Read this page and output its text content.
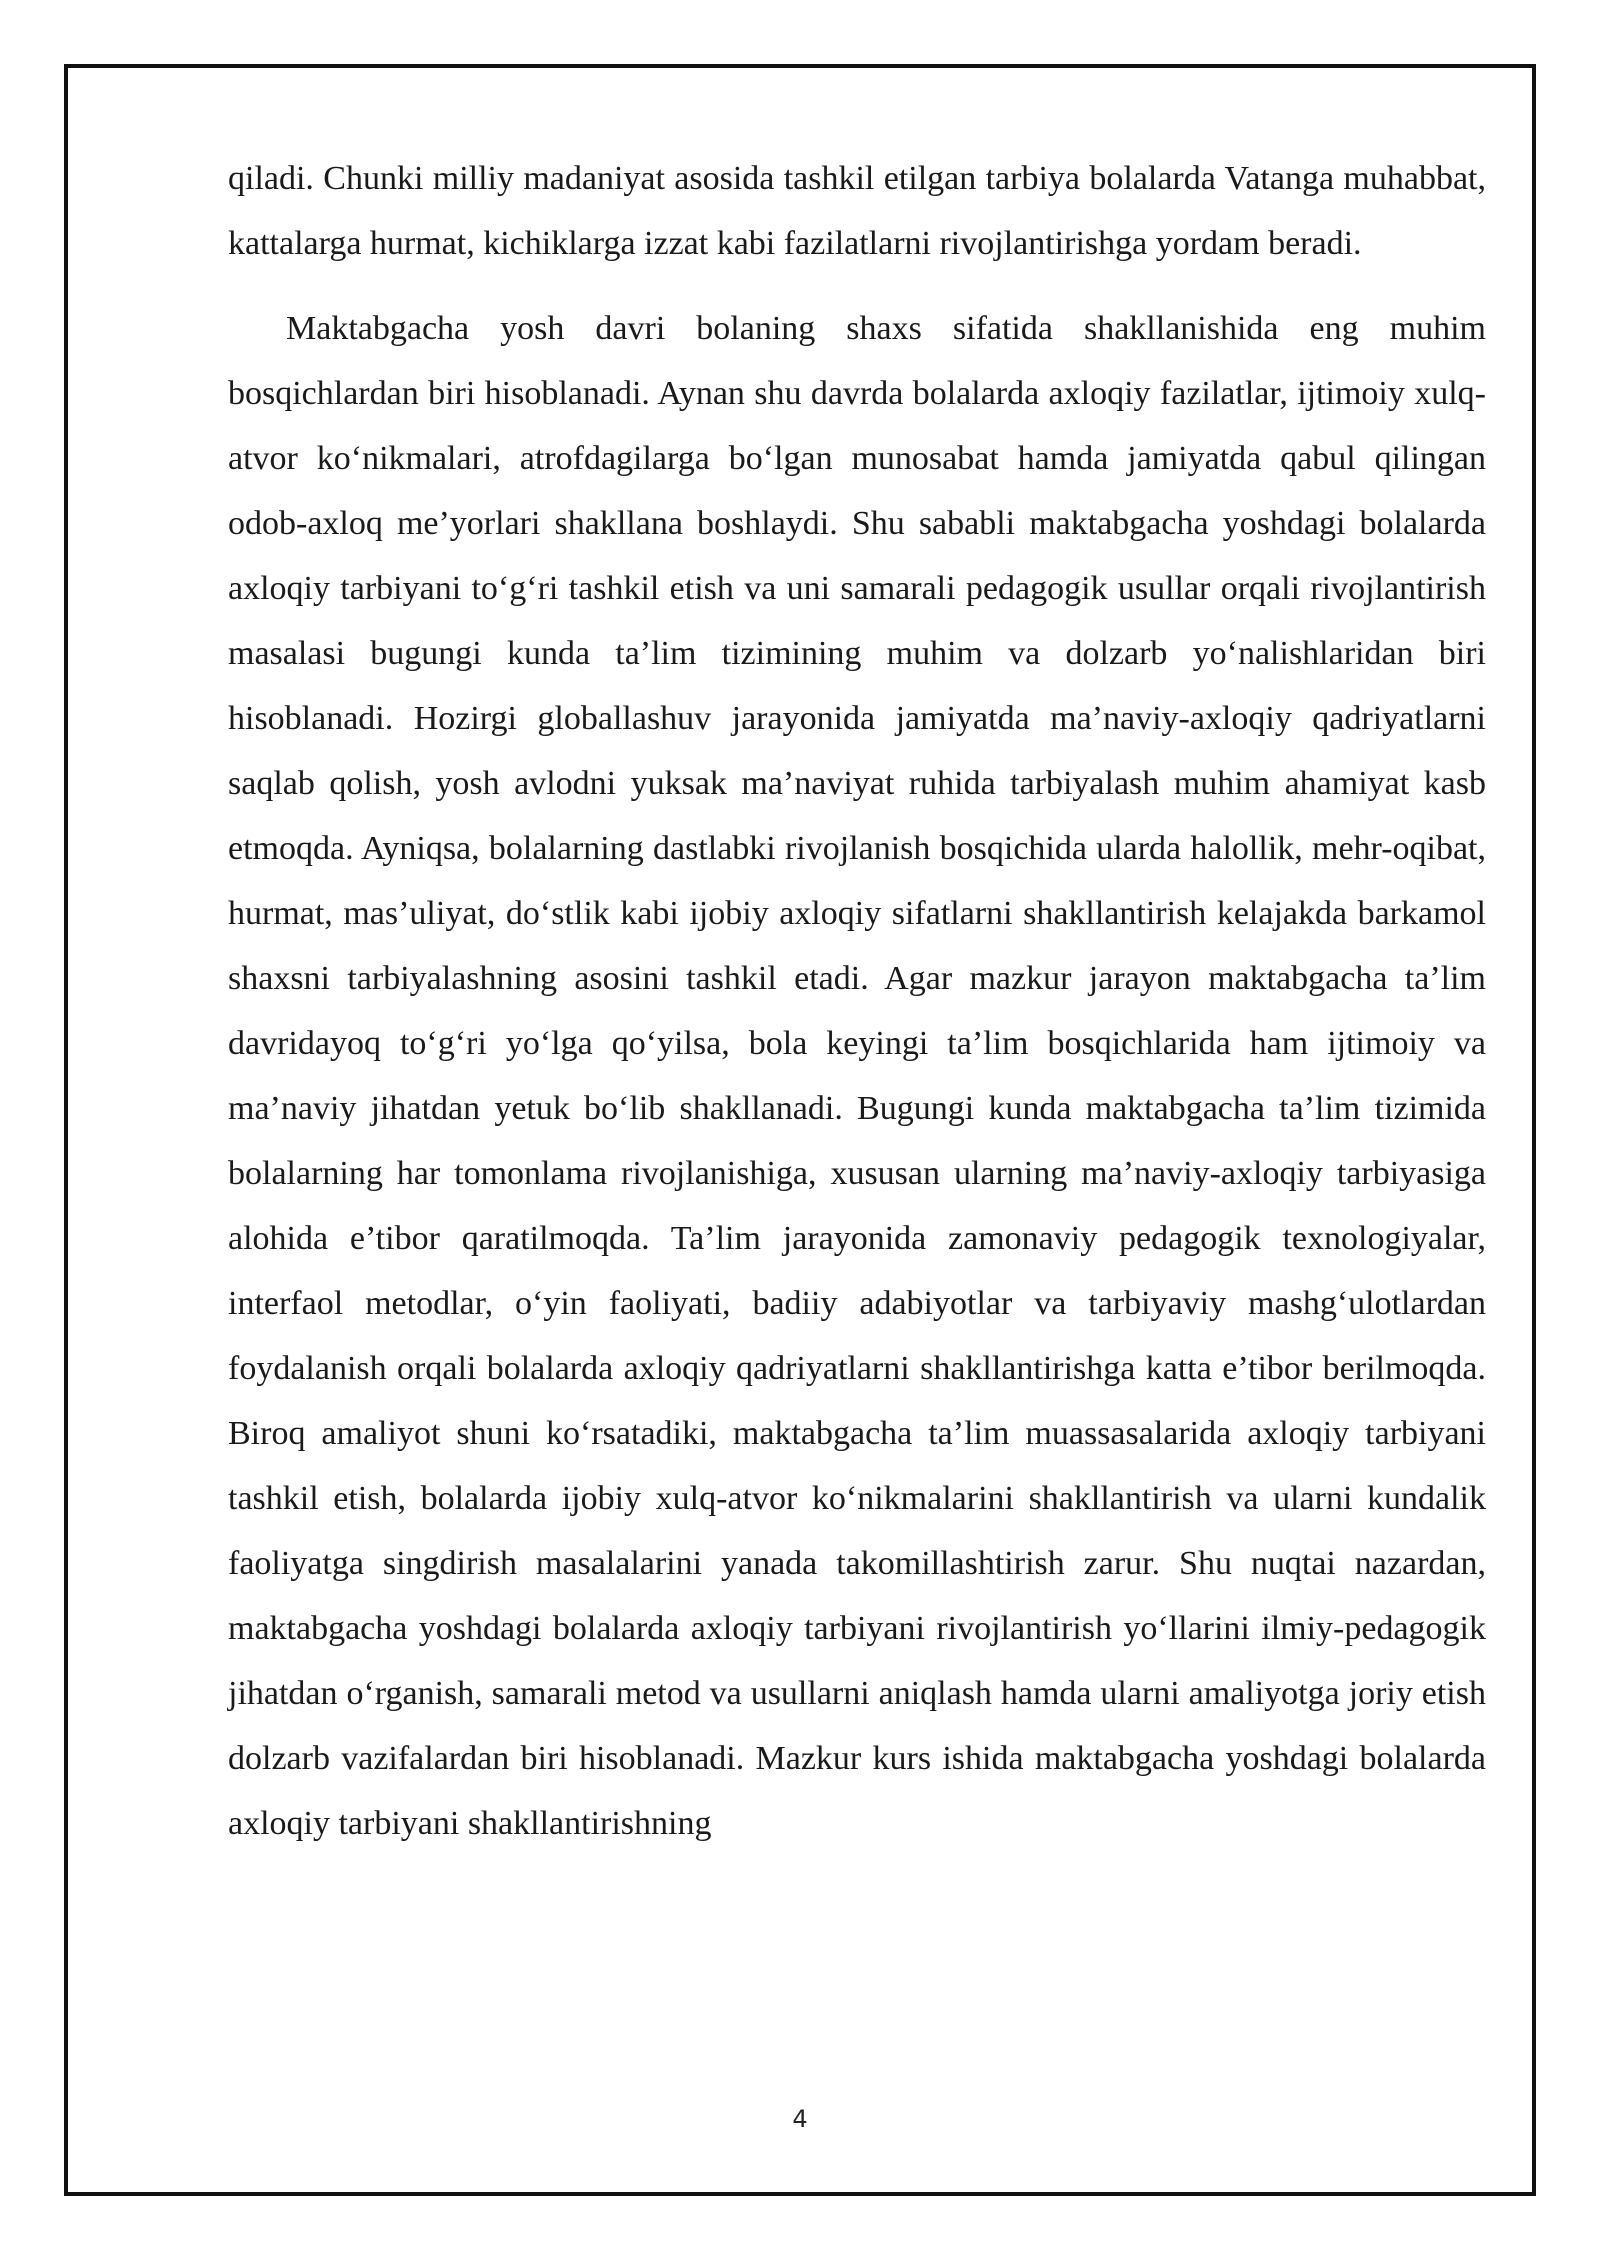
qiladi. Chunki milliy madaniyat asosida tashkil etilgan tarbiya bolalarda Vatanga muhabbat, kattalarga hurmat, kichiklarga izzat kabi fazilatlarni rivojlantirishga yordam beradi.

Maktabgacha yosh davri bolaning shaxs sifatida shakllanishida eng muhim bosqichlardan biri hisoblanadi. Aynan shu davrda bolalarda axloqiy fazilatlar, ijtimoiy xulq-atvor ko‘nikmalari, atrofdagilarga bo‘lgan munosabat hamda jamiyatda qabul qilingan odob-axloq me’yorlari shakllana boshlaydi. Shu sababli maktabgacha yoshdagi bolalarda axloqiy tarbiyani to‘g‘ri tashkil etish va uni samarali pedagogik usullar orqali rivojlantirish masalasi bugungi kunda ta’lim tizimining muhim va dolzarb yo‘nalishlaridan biri hisoblanadi. Hozirgi globallashuv jarayonida jamiyatda ma’naviy-axloqiy qadriyatlarni saqlab qolish, yosh avlodni yuksak ma’naviyat ruhida tarbiyalash muhim ahamiyat kasb etmoqda. Ayniqsa, bolalarning dastlabki rivojlanish bosqichida ularda halollik, mehr-oqibat, hurmat, mas’uliyat, do‘stlik kabi ijobiy axloqiy sifatlarni shakllantirish kelajakda barkamol shaxsni tarbiyalashning asosini tashkil etadi. Agar mazkur jarayon maktabgacha ta’lim davridayoq to‘g‘ri yo‘lga qo‘yilsa, bola keyingi ta’lim bosqichlarida ham ijtimoiy va ma’naviy jihatdan yetuk bo‘lib shakllanadi. Bugungi kunda maktabgacha ta’lim tizimida bolalarning har tomonlama rivojlanishiga, xususan ularning ma’naviy-axloqiy tarbiyasiga alohida e’tibor qaratilmoqda. Ta’lim jarayonida zamonaviy pedagogik texnologiyalar, interfaol metodlar, o‘yin faoliyati, badiiy adabiyotlar va tarbiyaviy mashg‘ulotlardan foydalanish orqali bolalarda axloqiy qadriyatlarni shakllantirishga katta e’tibor berilmoqda. Biroq amaliyot shuni ko‘rsatadiki, maktabgacha ta’lim muassasalarida axloqiy tarbiyani tashkil etish, bolalarda ijobiy xulq-atvor ko‘nikmalarini shakllantirish va ularni kundalik faoliyatga singdirish masalalarini yanada takomillashtirish zarur. Shu nuqtai nazardan, maktabgacha yoshdagi bolalarda axloqiy tarbiyani rivojlantirish yo‘llarini ilmiy-pedagogik jihatdan o‘rganish, samarali metod va usullarni aniqlash hamda ularni amaliyotga joriy etish dolzarb vazifalardan biri hisoblanadi. Mazkur kurs ishida maktabgacha yoshdagi bolalarda axloqiy tarbiyani shakllantirishning

4
